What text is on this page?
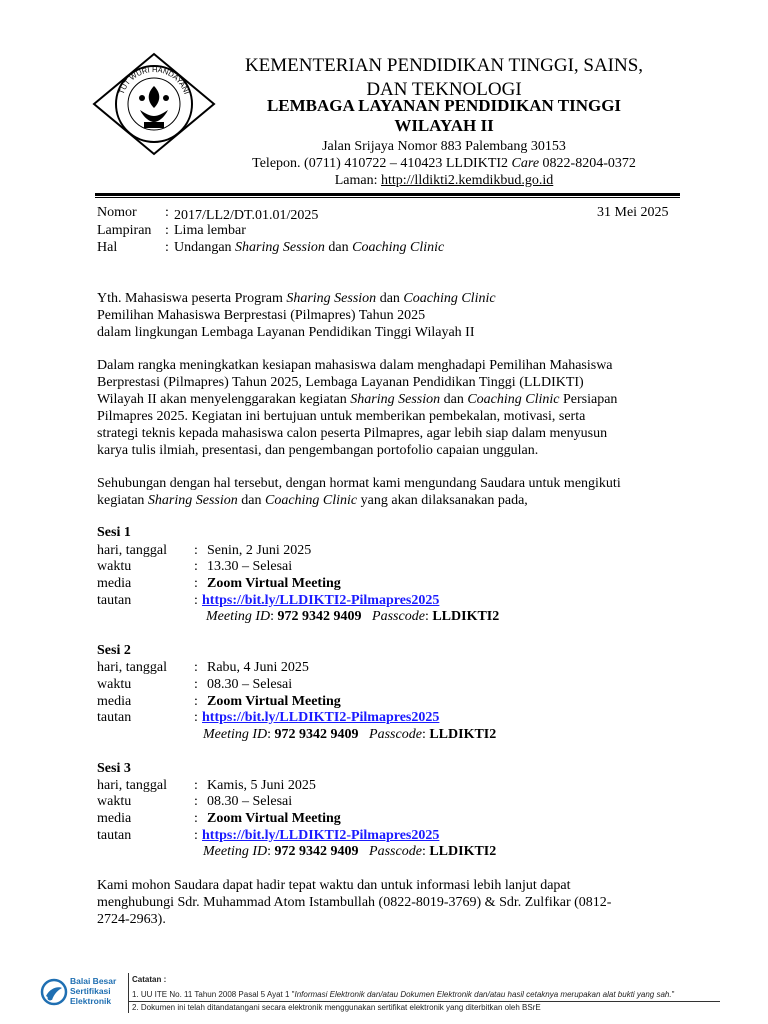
TUT WURI HANDAYANI
KEMENTERIAN PENDIDIKAN TINGGI, SAINS,
DAN TEKNOLOGI
LEMBAGA LAYANAN PENDIDIKAN TINGGI
WILAYAH II
Jalan Srijaya Nomor 883 Palembang 30153
Telepon. (0711) 410722 – 410423 LLDIKTI2 Care 0822-8204-0372
Laman: http://lldikti2.kemdikbud.go.id
Nomor : 2017/LL2/DT.01.01/2025	31 Mei 2025
Lampiran : Lima lembar
Hal	: Undangan Sharing Session dan Coaching Clinic
Yth. Mahasiswa peserta Program Sharing Session dan Coaching Clinic
Pemilihan Mahasiswa Berprestasi (Pilmapres) Tahun 2025
dalam lingkungan Lembaga Layanan Pendidikan Tinggi Wilayah II
Dalam rangka meningkatkan kesiapan mahasiswa dalam menghadapi Pemilihan Mahasiswa
Berprestasi (Pilmapres) Tahun 2025, Lembaga Layanan Pendidikan Tinggi (LLDIKTI)
Wilayah II akan menyelenggarakan kegiatan Sharing Session dan Coaching Clinic Persiapan
Pilmapres 2025. Kegiatan ini bertujuan untuk memberikan pembekalan, motivasi, serta
strategi teknis kepada mahasiswa calon peserta Pilmapres, agar lebih siap dalam menyusun
karya tulis ilmiah, presentasi, dan pengembangan portofolio capaian unggulan.
Sehubungan dengan hal tersebut, dengan hormat kami mengundang Saudara untuk mengikuti
kegiatan Sharing Session dan Coaching Clinic yang akan dilaksanakan pada,
Sesi 1
hari, tanggal : Senin, 2 Juni 2025
waktu	: 13.30 – Selesai
media	: Zoom Virtual Meeting
tautan	: https://bit.ly/LLDIKTI2-Pilmapres2025
Meeting ID: 972 9342 9409 Passcode: LLDIKTI2
Sesi 2
hari, tanggal : Rabu, 4 Juni 2025
waktu	: 08.30 – Selesai
media	: Zoom Virtual Meeting
tautan	: https://bit.ly/LLDIKTI2-Pilmapres2025
Meeting ID: 972 9342 9409 Passcode: LLDIKTI2
Sesi 3
hari, tanggal : Kamis, 5 Juni 2025
waktu	: 08.30 – Selesai
media	: Zoom Virtual Meeting
tautan	: https://bit.ly/LLDIKTI2-Pilmapres2025
Meeting ID: 972 9342 9409 Passcode: LLDIKTI2
Kami mohon Saudara dapat hadir tepat waktu dan untuk informasi lebih lanjut dapat
menghubungi Sdr. Muhammad Atom Istambullah (0822-8019-3769) & Sdr. Zulfikar (0812-
2724-2963).
Balai Besar
Sertifikasi
Elektronik
Catatan :
1. UU ITE No. 11 Tahun 2008 Pasal 5 Ayat 1 "Informasi Elektronik dan/atau Dokumen Elektronik dan/atau hasil cetaknya merupakan alat bukti yang sah."
2. Dokumen ini telah ditandatangani secara elektronik menggunakan sertifikat elektronik yang diterbitkan oleh BSrE
